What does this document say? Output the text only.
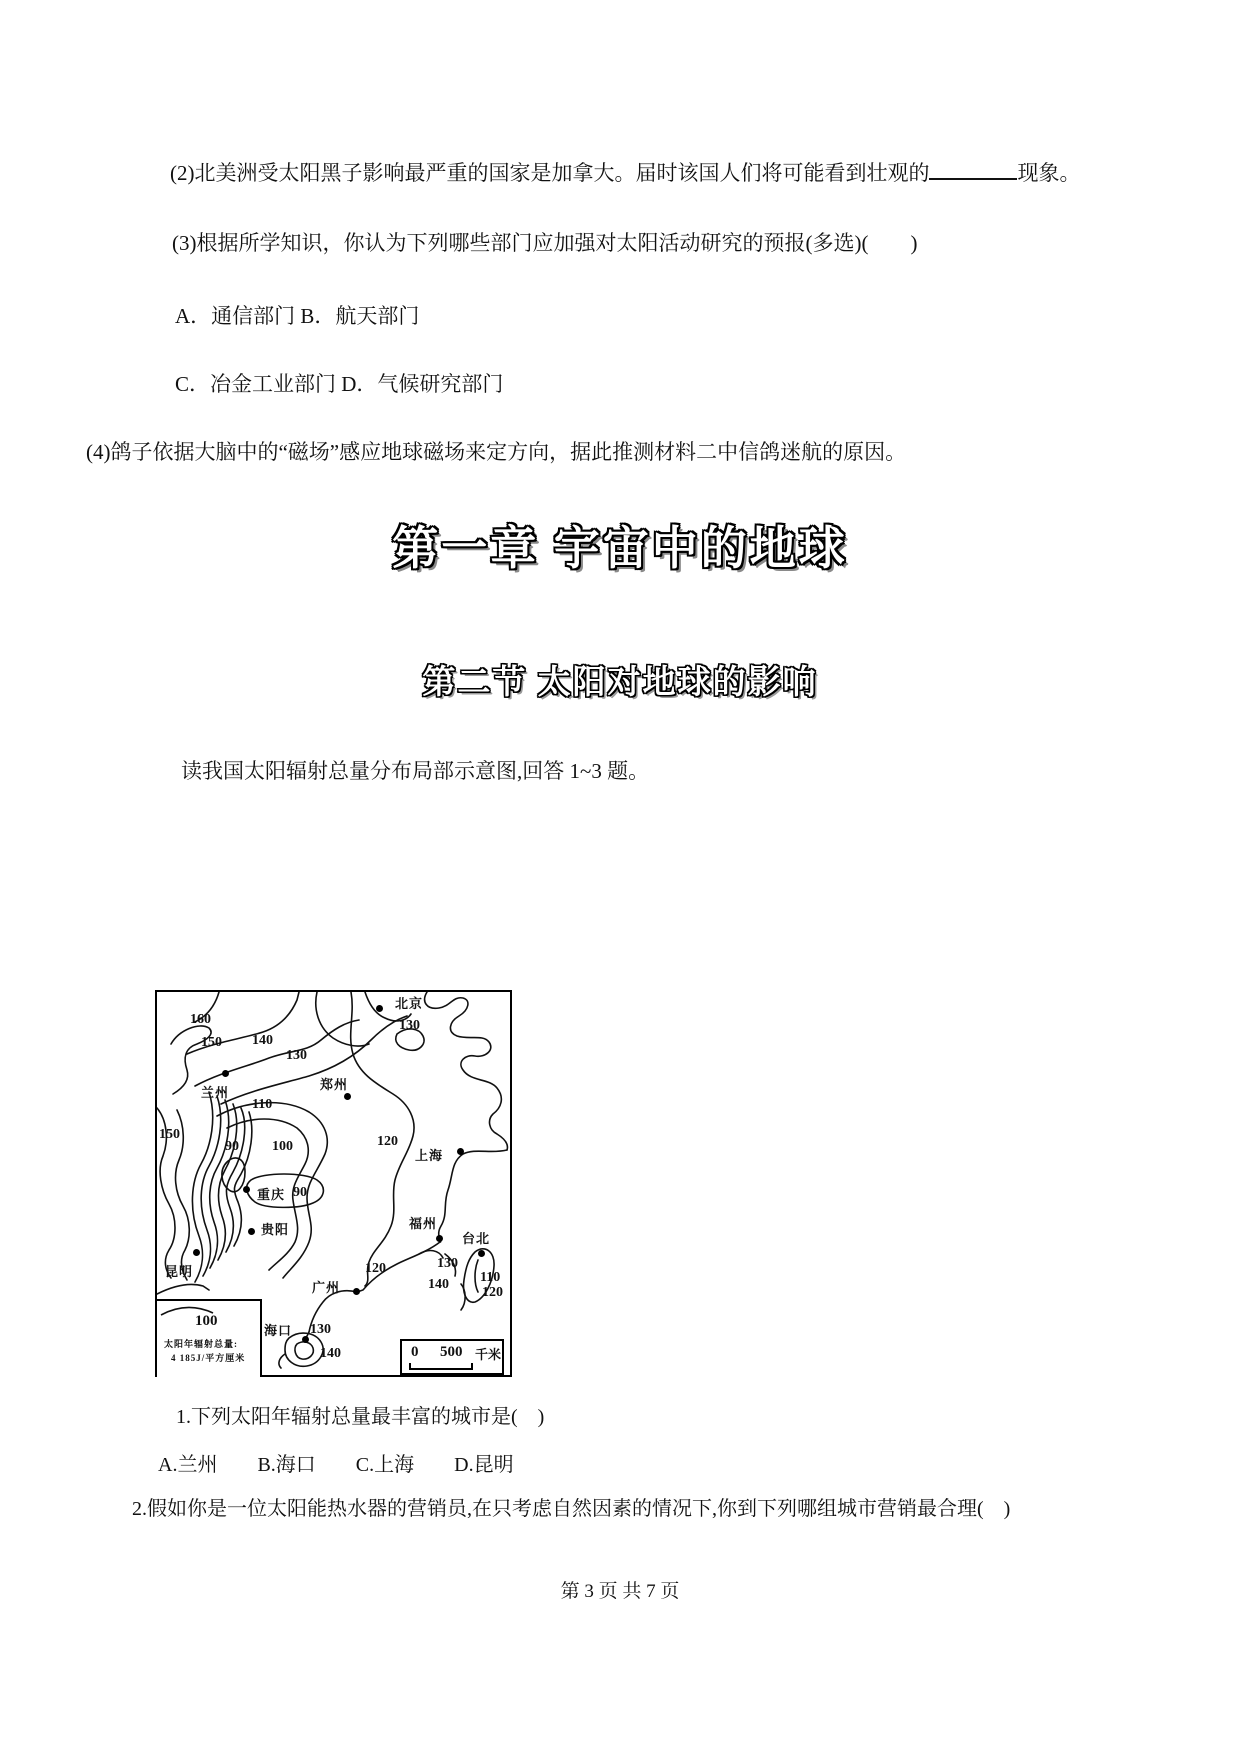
(2)北美洲受太阳黑子影响最严重的国家是加拿大。届时该国人们将可能看到壮观的	现象。
(3)根据所学知识，你认为下列哪些部门应加强对太阳活动研究的预报(多选)(　　)
A．通信部门 B．航天部门
C．冶金工业部门 D．气候研究部门
(4)鸽子依据大脑中的“磁场”感应地球磁场来定方向，据此推测材料二中信鸽迷航的原因。
第一章 宇宙中的地球
第二节 太阳对地球的影响
读我国太阳辐射总量分布局部示意图,回答 1~3 题。
北京
郑州
兰州
上海
重庆
贵阳	福州
台北
昆明
广州
海口
160
150 140
130
130
110
150
90 100	120
90
120	130
140 110
120
130
140
100
太阳年辐射总量:
4 185J/平方厘米	0 500 千米
1.下列太阳年辐射总量最丰富的城市是(　)
A.兰州 B.海口 C.上海 D.昆明
2.假如你是一位太阳能热水器的营销员,在只考虑自然因素的情况下,你到下列哪组城市营销最合理(　)
第 3 页 共 7 页
